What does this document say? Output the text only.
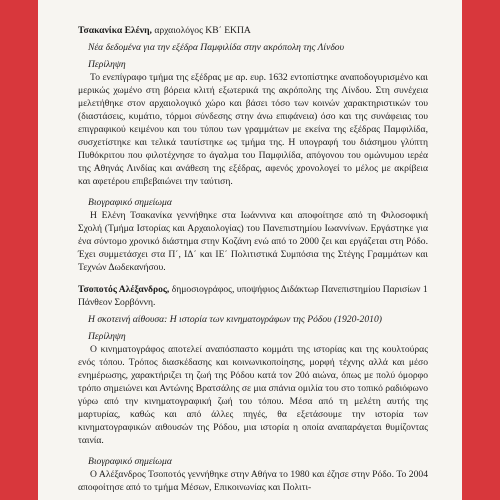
Τσακανίκα Ελένη, αρχαιολόγος ΚΒ΄ ΕΚΠΑ

Νέα δεδομένα για την εξέδρα Παμφιλίδα στην ακρόπολη της Λίνδου
Περίληψη

Το ενεπίγραφο τμήμα της εξέδρας με αρ. ευρ. 1632 εντοπίστηκε αναποδογυρισμένο και μερικώς χωμένο στη βόρεια κλιτή εξωτερικά της ακρόπολης της Λίνδου. Στη συνέχεια μελετήθηκε στον αρχαιολογικό χώρο και βάσει τόσο των κοινών χαρακτηριστικών του (διαστάσεις, κυμάτιο, τόρμοι σύνδεσης στην άνω επιφάνεια) όσο και της συνάφειας του επιγραφικού κειμένου και του τύπου των γραμμάτων με εκείνα της εξέδρας Παμφιλίδα, συσχετίστηκε και τελικά ταυτίστηκε ως τμήμα της. Η υπογραφή του διάσημου γλύπτη Πυθόκριτου που φιλοτέχνησε το άγαλμα του Παμφιλίδα, απόγονου του ομώνυμου ιερέα της Αθηνάς Λινδίας και ανάθεση της εξέδρας, αφενός χρονολογεί το μέλος με ακρίβεια και αφετέρου επιβεβαιώνει την ταύτιση.

Βιογραφικό σημείωμα

Η Ελένη Τσακανίκα γεννήθηκε στα Ιωάννινα και αποφοίτησε από τη Φιλοσοφική Σχολή (Τμήμα Ιστορίας και Αρχαιολογίας) του Πανεπιστημίου Ιωαννίνων. Εργάστηκε για ένα σύντομο χρονικό διάστημα στην Κοζάνη ενώ από το 2000 ζει και εργάζεται στη Ρόδο. Έχει συμμετάσχει στα Π΄, ΙΔ΄ και ΙΕ΄ Πολιτιστικά Συμπόσια της Στέγης Γραμμάτων και Τεχνών Δωδεκανήσου.

Τσοποτός Αλέξανδρος, δημοσιογράφος, υποψήφιος Διδάκτωρ Πανεπιστημίου Παρισίων 1 Πάνθεον Σορβόννη.

Η σκοτεινή αίθουσα: Η ιστορία των κινηματογράφων της Ρόδου (1920-2010)
Περίληψη

Ο κινηματογράφος αποτελεί αναπόσπαστο κομμάτι της ιστορίας και της κουλτούρας ενός τόπου. Τρόπος διασκέδασης και κοινωνικοποίησης, μορφή τέχνης αλλά και μέσο ενημέρωσης, χαρακτήριζει τη ζωή της Ρόδου κατά τον 20ό αιώνα, όπως με πολύ όμορφο τρόπο σημειώνει και Αντώνης Βρατσάλης σε μια σπάνια ομιλία του στο τοπικό ραδιόφωνο γύρω από την κινηματογραφική ζωή του τόπου. Μέσα από τη μελέτη αυτής της μαρτυρίας, καθώς και από άλλες πηγές, θα εξετάσουμε την ιστορία των κινηματογραφικών αιθουσών της Ρόδου, μια ιστορία η οποία αναπαράγεται θυμίζοντας ταινία.

Βιογραφικό σημείωμα

Ο Αλέξανδρος Τσοποτός γεννήθηκε στην Αθήνα το 1980 και έζησε στην Ρόδο. Το 2004 αποφοίτησε από το τμήμα Μέσων, Επικοινωνίας και Πολιτι-
